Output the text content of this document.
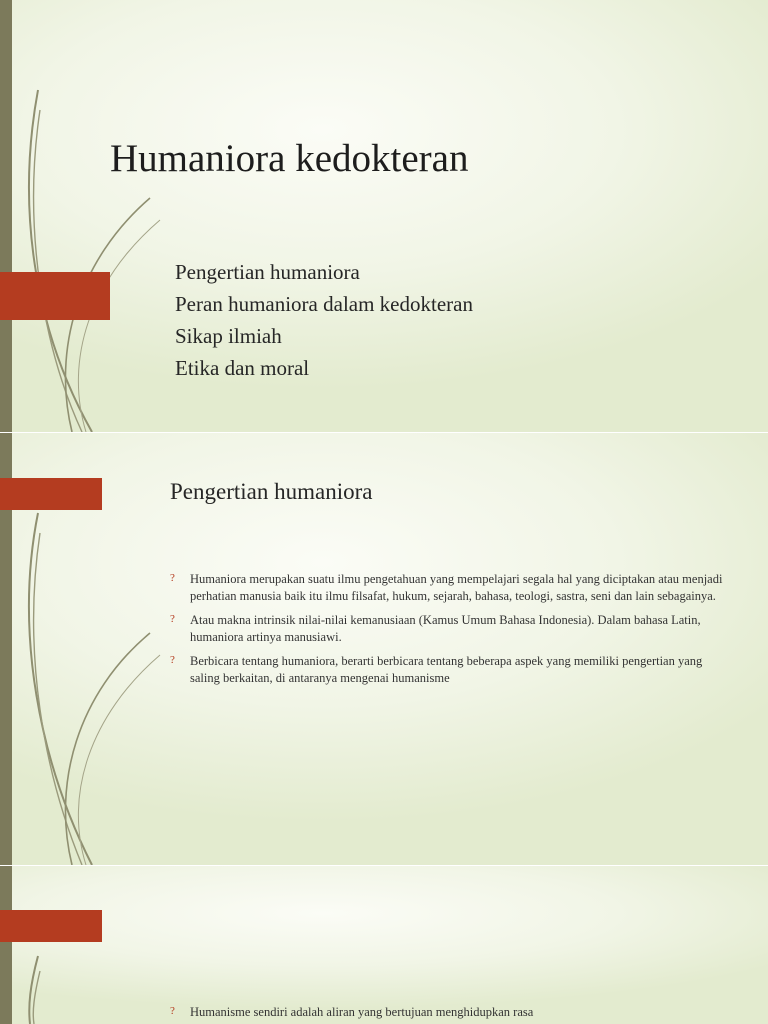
Humaniora kedokteran
Pengertian humaniora
Peran humaniora dalam kedokteran
Sikap ilmiah
Etika dan moral
Pengertian humaniora
? Humaniora merupakan suatu ilmu pengetahuan yang mempelajari segala hal yang diciptakan atau menjadi perhatian manusia baik itu ilmu filsafat, hukum, sejarah, bahasa, teologi, sastra, seni dan lain sebagainya.
? Atau makna intrinsik nilai-nilai kemanusiaan (Kamus Umum Bahasa Indonesia). Dalam bahasa Latin, humaniora artinya manusiawi.
? Berbicara tentang humaniora, berarti berbicara tentang beberapa aspek yang memiliki pengertian yang saling berkaitan, di antaranya mengenai humanisme
? Humanisme sendiri adalah aliran yang bertujuan menghidupkan rasa
